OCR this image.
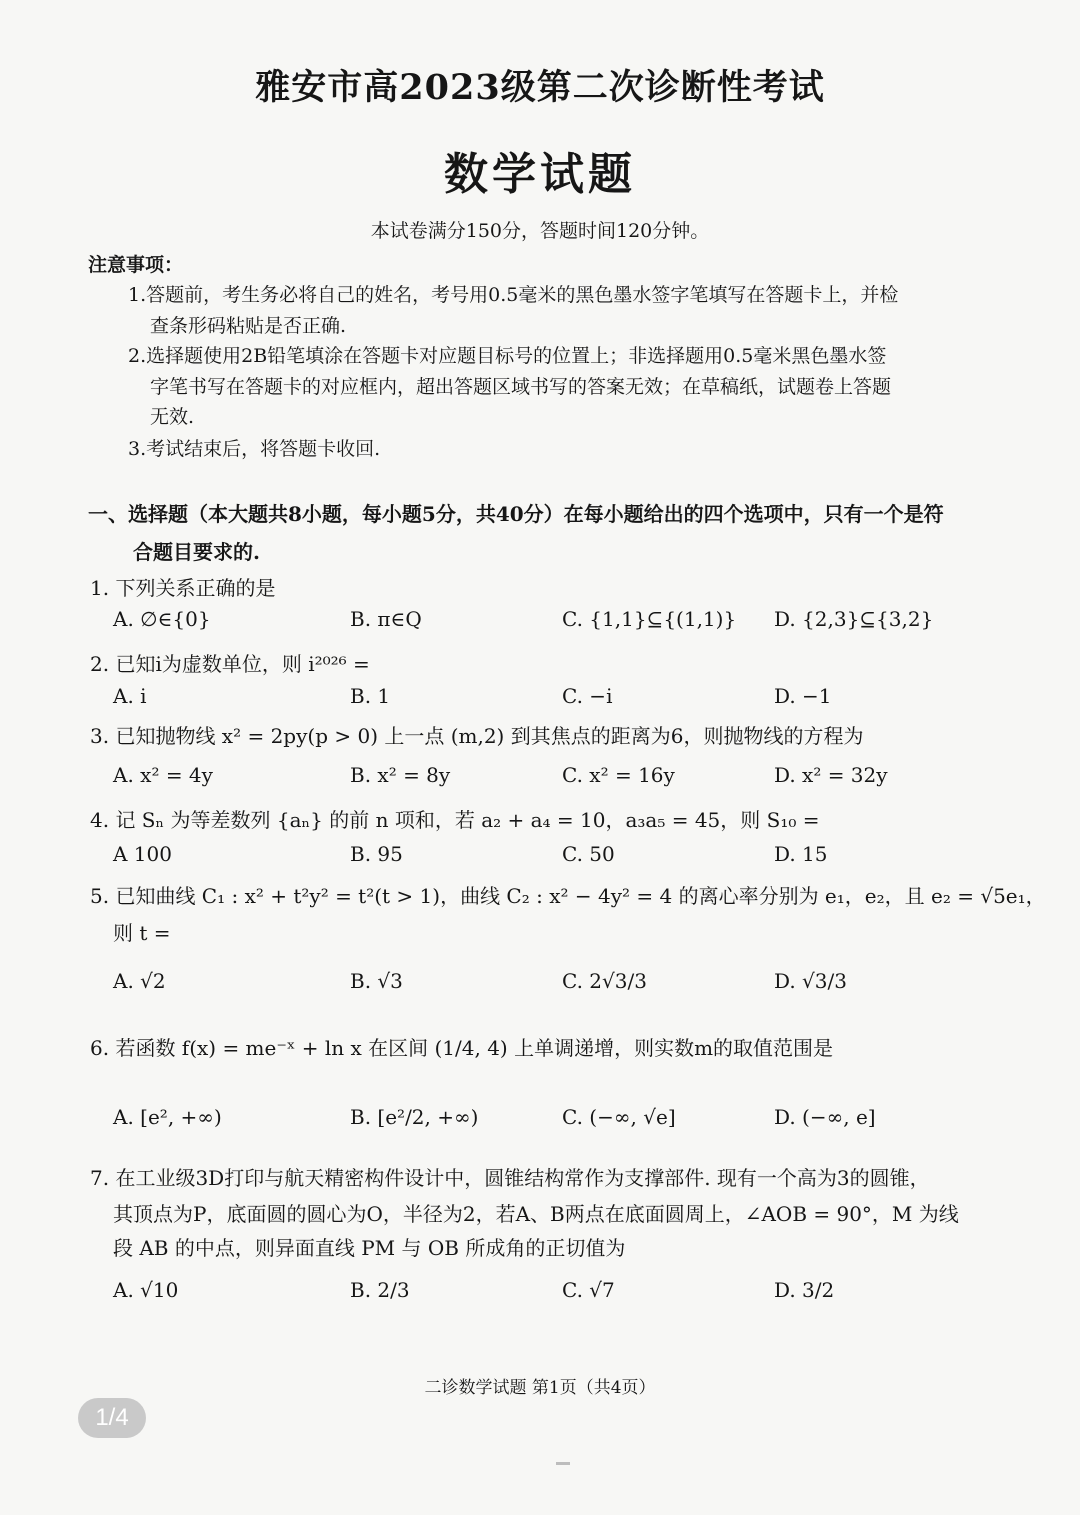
雅安市高2023级第二次诊断性考试
数学试题
本试卷满分150分，答题时间120分钟。
注意事项：
1.答题前，考生务必将自己的姓名，考号用0.5毫米的黑色墨水签字笔填写在答题卡上，并检
查条形码粘贴是否正确.
2.选择题使用2B铅笔填涂在答题卡对应题目标号的位置上；非选择题用0.5毫米黑色墨水签
字笔书写在答题卡的对应框内，超出答题区域书写的答案无效；在草稿纸，试题卷上答题
无效.
3.考试结束后，将答题卡收回.
一、选择题（本大题共8小题，每小题5分，共40分）在每小题给出的四个选项中，只有一个是符
合题目要求的.
1. 下列关系正确的是
A. ∅∈{0}	B. π∈Q	C. {1,1}⊆{(1,1)} D. {2,3}⊆{3,2}
2. 已知i为虚数单位，则 i²⁰²⁶ =
A. i	B. 1	C. −i	D. −1
3. 已知抛物线 x² = 2py(p > 0) 上一点 (m,2) 到其焦点的距离为6，则抛物线的方程为
A. x² = 4y	B. x² = 8y	C. x² = 16y	D. x² = 32y
4. 记 Sₙ 为等差数列 {aₙ} 的前 n 项和，若 a₂ + a₄ = 10，a₃a₅ = 45，则 S₁₀ =
A 100	B. 95	C. 50	D. 15
5. 已知曲线 C₁ : x² + t²y² = t²(t > 1)，曲线 C₂ : x² − 4y² = 4 的离心率分别为 e₁，e₂，且 e₂ = √5e₁，
则 t =
A. √2	B. √3	C. 2√3/3	D. √3/3
6. 若函数 f(x) = me⁻ˣ + ln x 在区间 (1/4, 4) 上单调递增，则实数m的取值范围是
A. [e², +∞)	B. [e²/2, +∞)	C. (−∞, √e]	D. (−∞, e]
7. 在工业级3D打印与航天精密构件设计中，圆锥结构常作为支撑部件. 现有一个高为3的圆锥，
其顶点为P，底面圆的圆心为O，半径为2，若A、B两点在底面圆周上，∠AOB = 90°，M 为线
段 AB 的中点，则异面直线 PM 与 OB 所成角的正切值为
A. √10	B. 2/3	C. √7	D. 3/2
二诊数学试题 第1页（共4页）
1/4
